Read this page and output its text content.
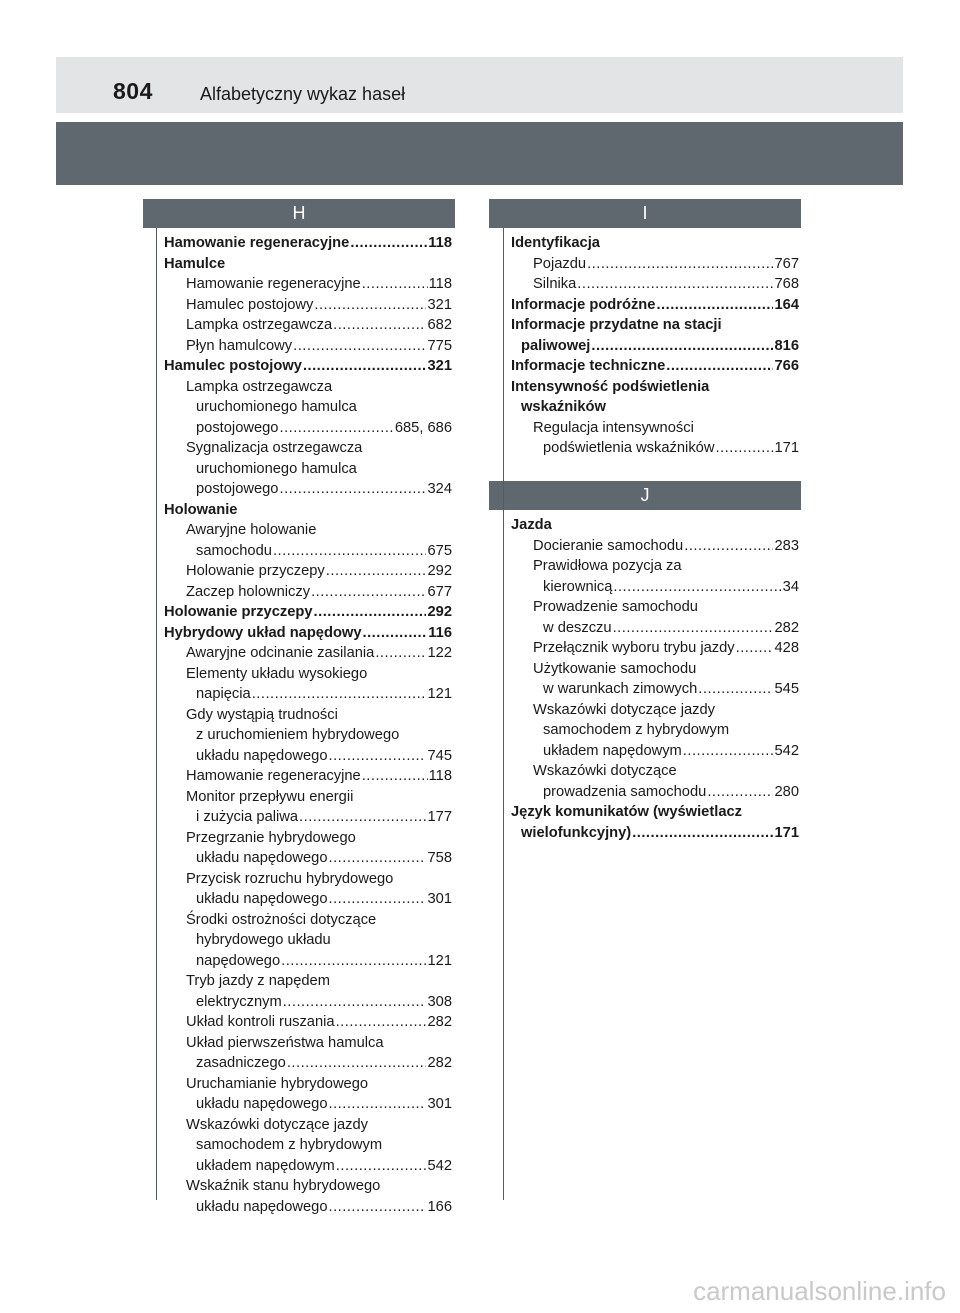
804	Alfabetyczny wykaz haseł
H	I
J
Hamowanie regeneracyjne .....	118
Hamulce
Hamowanie regeneracyjne .....	118
Hamulec postojowy .....	321
Lampka ostrzegawcza .....	682
Płyn hamulcowy .....	775
Hamulec postojowy .....	321
Lampka ostrzegawcza
uruchomionego hamulca
postojowego .....	685, 686
Sygnalizacja ostrzegawcza
uruchomionego hamulca
postojowego .....	324
Holowanie
Awaryjne holowanie
samochodu .....	675
Holowanie przyczepy .....	292
Zaczep holowniczy .....	677
Holowanie przyczepy .....	292
Hybrydowy układ napędowy .....	116
Awaryjne odcinanie zasilania .....	122
Elementy układu wysokiego
napięcia .....	121
Gdy wystąpią trudności
z uruchomieniem hybrydowego
układu napędowego .....	745
Hamowanie regeneracyjne .....	118
Monitor przepływu energii
i zużycia paliwa .....	177
Przegrzanie hybrydowego
układu napędowego .....	758
Przycisk rozruchu hybrydowego
układu napędowego .....	301
Środki ostrożności dotyczące
hybrydowego układu
napędowego .....	121
Tryb jazdy z napędem
elektrycznym .....	308
Układ kontroli ruszania .....	282
Układ pierwszeństwa hamulca
zasadniczego .....	282
Uruchamianie hybrydowego
układu napędowego .....	301
Wskazówki dotyczące jazdy
samochodem z hybrydowym
układem napędowym .....	542
Wskaźnik stanu hybrydowego
układu napędowego .....	166
Identyfikacja
Pojazdu .....	767
Silnika .....	768
Informacje podróżne .....	164
Informacje przydatne na stacji
paliwowej .....	816
Informacje techniczne .....	766
Intensywność podświetlenia
wskaźników
Regulacja intensywności
podświetlenia wskaźników .....	171
Jazda
Docieranie samochodu .....	283
Prawidłowa pozycja za
kierownicą .....	34
Prowadzenie samochodu
w deszczu .....	282
Przełącznik wyboru trybu jazdy .....	428
Użytkowanie samochodu
w warunkach zimowych .....	545
Wskazówki dotyczące jazdy
samochodem z hybrydowym
układem napędowym .....	542
Wskazówki dotyczące
prowadzenia samochodu .....	280
Język komunikatów (wyświetlacz
wielofunkcyjny) .....	171
carmanualsonline.info
